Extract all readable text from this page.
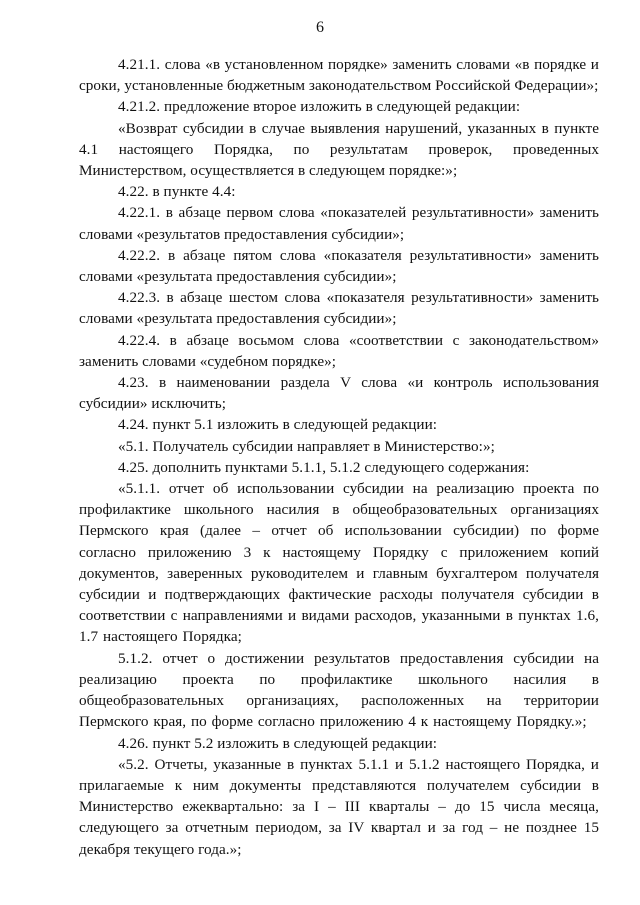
6

4.21.1. слова «в установленном порядке» заменить словами «в порядке и сроки, установленные бюджетным законодательством Российской Федерации»;

4.21.2. предложение второе изложить в следующей редакции:

«Возврат субсидии в случае выявления нарушений, указанных в пункте 4.1 настоящего Порядка, по результатам проверок, проведенных Министерством, осуществляется в следующем порядке:»;

4.22. в пункте 4.4:

4.22.1. в абзаце первом слова «показателей результативности» заменить словами «результатов предоставления субсидии»;

4.22.2. в абзаце пятом слова «показателя результативности» заменить словами «результата предоставления субсидии»;

4.22.3. в абзаце шестом слова «показателя результативности» заменить словами «результата предоставления субсидии»;

4.22.4. в абзаце восьмом слова «соответствии с законодательством» заменить словами «судебном порядке»;

4.23. в наименовании раздела V слова «и контроль использования субсидии» исключить;

4.24. пункт 5.1 изложить в следующей редакции:

«5.1. Получатель субсидии направляет в Министерство:»;

4.25. дополнить пунктами 5.1.1, 5.1.2 следующего содержания:

«5.1.1. отчет об использовании субсидии на реализацию проекта по профилактике школьного насилия в общеобразовательных организациях Пермского края (далее – отчет об использовании субсидии) по форме согласно приложению 3 к настоящему Порядку с приложением копий документов, заверенных руководителем и главным бухгалтером получателя субсидии и подтверждающих фактические расходы получателя субсидии в соответствии с направлениями и видами расходов, указанными в пунктах 1.6, 1.7 настоящего Порядка;

5.1.2. отчет о достижении результатов предоставления субсидии на реализацию проекта по профилактике школьного насилия в общеобразовательных организациях, расположенных на территории Пермского края, по форме согласно приложению 4 к настоящему Порядку.»;

4.26. пункт 5.2 изложить в следующей редакции:

«5.2. Отчеты, указанные в пунктах 5.1.1 и 5.1.2 настоящего Порядка, и прилагаемые к ним документы представляются получателем субсидии в Министерство ежеквартально: за I – III кварталы – до 15 числа месяца, следующего за отчетным периодом, за IV квартал и за год – не позднее 15 декабря текущего года.»;
